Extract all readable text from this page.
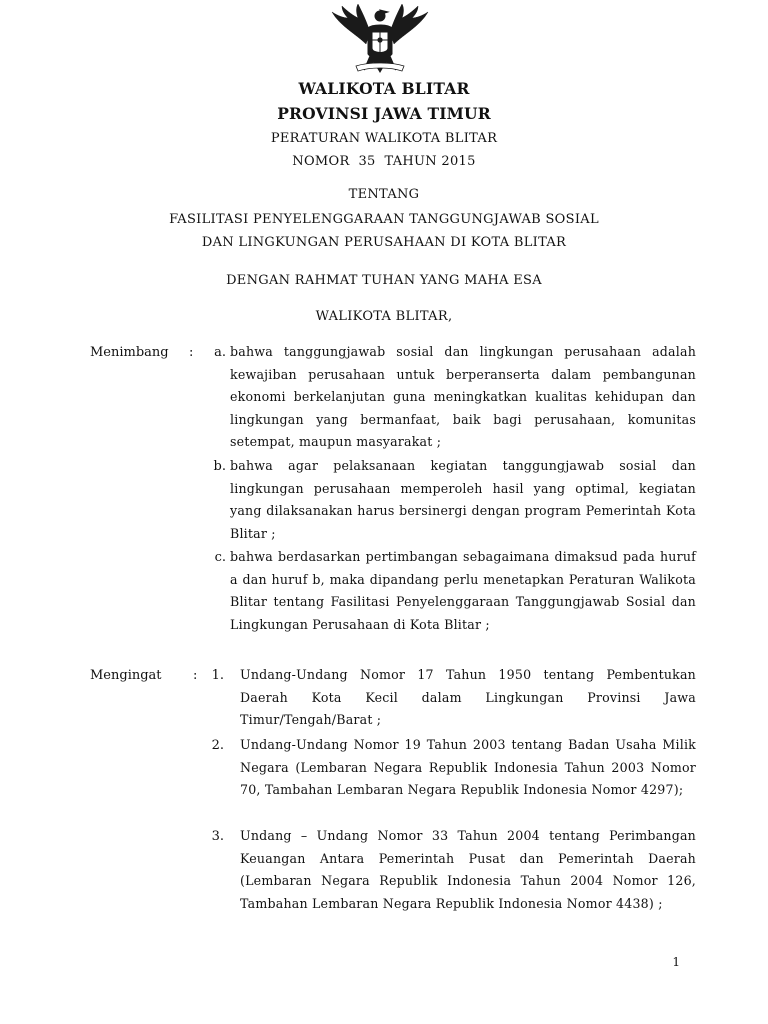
WALIKOTA BLITAR
PROVINSI JAWA TIMUR
PERATURAN WALIKOTA BLITAR
NOMOR  35  TAHUN 2015
TENTANG
FASILITASI PENYELENGGARAAN TANGGUNGJAWAB SOSIAL
DAN LINGKUNGAN PERUSAHAAN DI KOTA BLITAR
DENGAN RAHMAT TUHAN YANG MAHA ESA
WALIKOTA BLITAR,
Menimbang :	a. bahwa tanggungjawab sosial dan lingkungan perusahaan adalah kewajiban perusahaan untuk berperanserta dalam pembangunan ekonomi berkelanjutan guna meningkatkan kualitas kehidupan dan lingkungan yang bermanfaat, baik bagi perusahaan, komunitas setempat, maupun masyarakat ;
b. bahwa agar pelaksanaan kegiatan tanggungjawab sosial dan lingkungan perusahaan memperoleh hasil yang optimal, kegiatan yang dilaksanakan harus bersinergi dengan program Pemerintah Kota Blitar ;
c. bahwa berdasarkan pertimbangan sebagaimana dimaksud pada huruf a dan huruf b, maka dipandang perlu menetapkan Peraturan Walikota Blitar tentang Fasilitasi Penyelenggaraan Tanggungjawab Sosial dan Lingkungan Perusahaan di Kota Blitar ;
Mengingat :	1. Undang-Undang Nomor 17 Tahun 1950 tentang Pembentukan Daerah Kota Kecil dalam Lingkungan Provinsi Jawa Timur/Tengah/Barat ;
2. Undang-Undang Nomor 19 Tahun 2003 tentang Badan Usaha Milik Negara (Lembaran Negara Republik Indonesia Tahun 2003 Nomor 70, Tambahan Lembaran Negara Republik Indonesia Nomor 4297);
3. Undang – Undang Nomor 33 Tahun 2004 tentang Perimbangan Keuangan Antara Pemerintah Pusat dan Pemerintah Daerah (Lembaran Negara Republik Indonesia Tahun 2004 Nomor 126, Tambahan Lembaran Negara Republik Indonesia Nomor 4438) ;
1
